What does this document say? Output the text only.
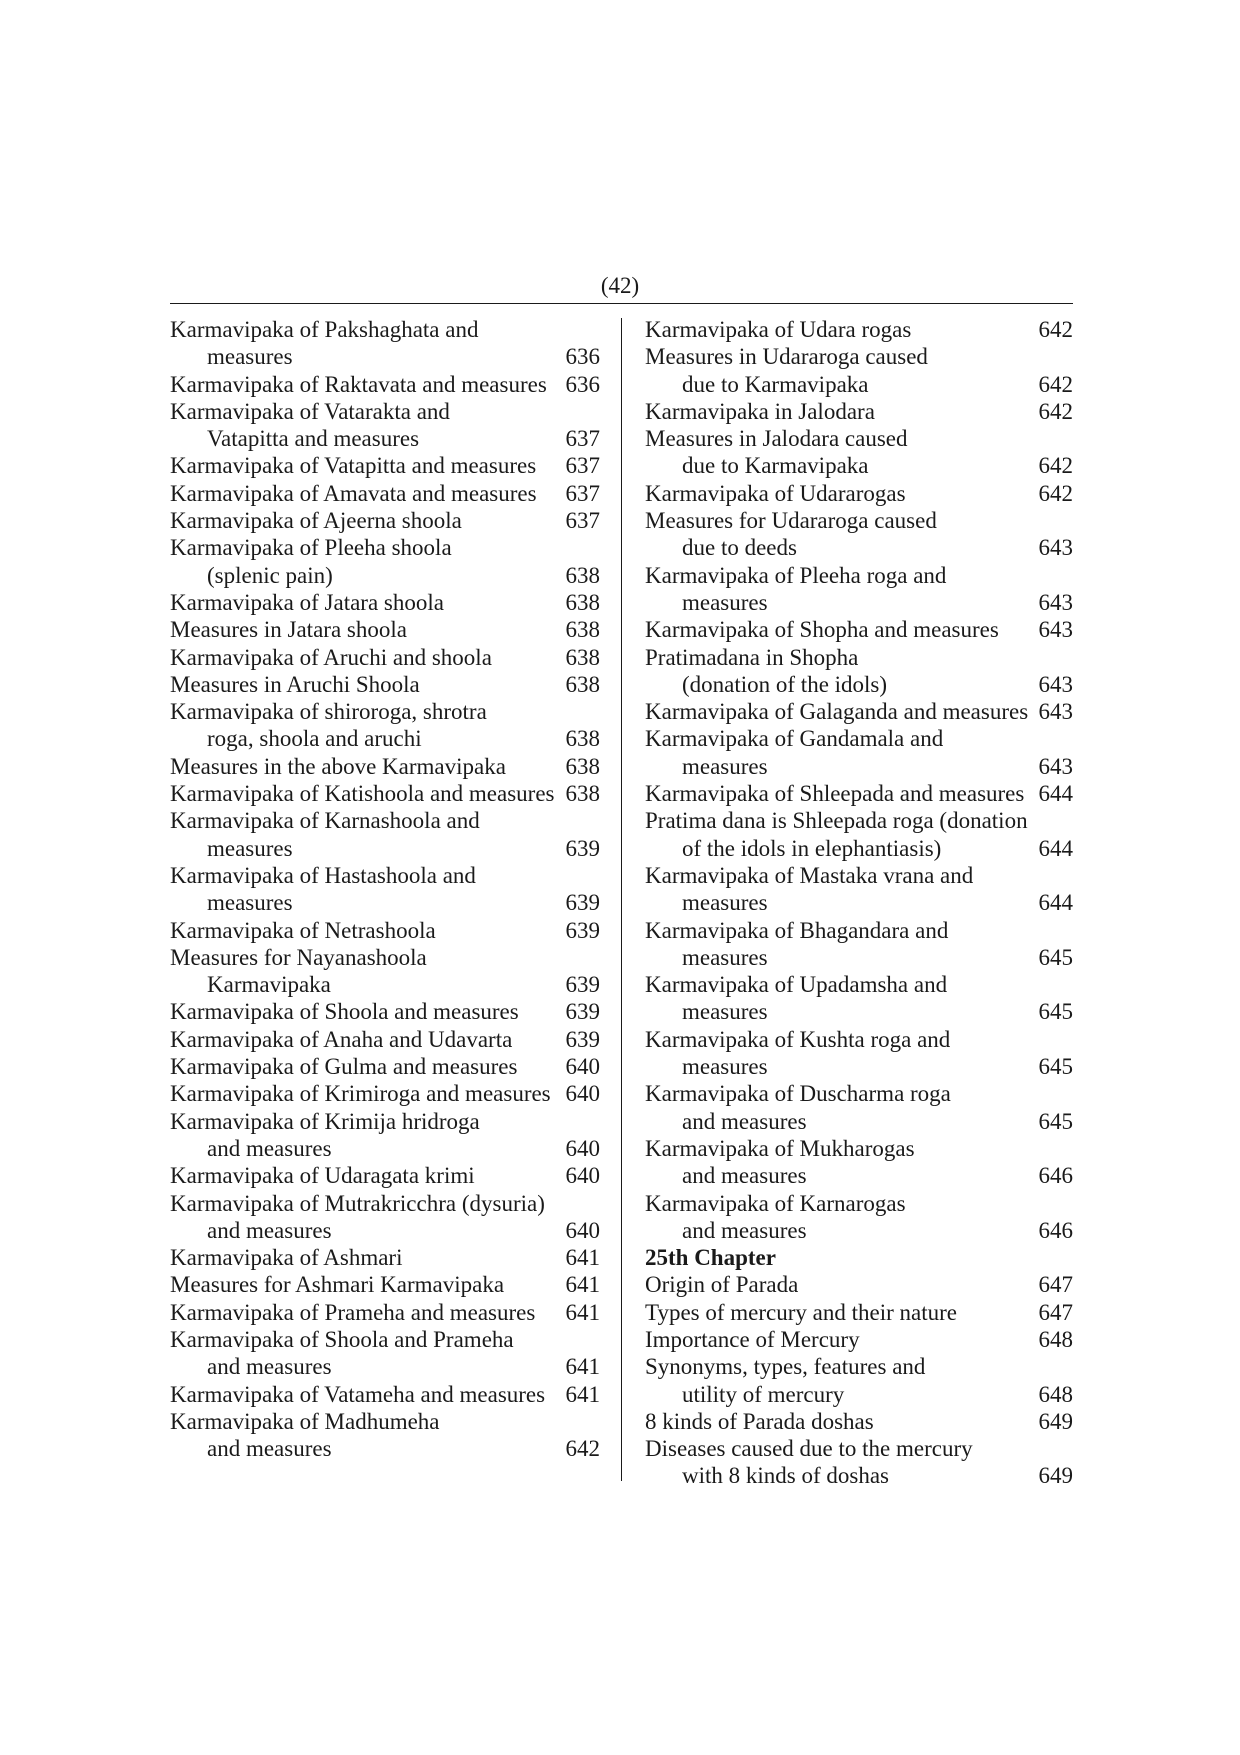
(42)
Karmavipaka of Pakshaghata and
measures	636
Karmavipaka of Raktavata and measures 636
Karmavipaka of Vatarakta and
Vatapitta and measures	637
Karmavipaka of Vatapitta and measures	637
Karmavipaka of Amavata and measures	637
Karmavipaka of Ajeerna shoola	637
Karmavipaka of Pleeha shoola
(splenic pain)	638
Karmavipaka of Jatara shoola	638
Measures in Jatara shoola	638
Karmavipaka of Aruchi and shoola	638
Measures in Aruchi Shoola	638
Karmavipaka of shiroroga, shrotra
roga, shoola and aruchi	638
Measures in the above Karmavipaka	638
Karmavipaka of Katishoola and measures 638
Karmavipaka of Karnashoola and
measures	639
Karmavipaka of Hastashoola and
measures	639
Karmavipaka of Netrashoola	639
Measures for Nayanashoola
Karmavipaka	639
Karmavipaka of Shoola and measures	639
Karmavipaka of Anaha and Udavarta	639
Karmavipaka of Gulma and measures	640
Karmavipaka of Krimiroga and measures 640
Karmavipaka of Krimija hridroga
and measures	640
Karmavipaka of Udaragata krimi	640
Karmavipaka of Mutrakricchra (dysuria)
and measures	640
Karmavipaka of Ashmari	641
Measures for Ashmari Karmavipaka	641
Karmavipaka of Prameha and measures	641
Karmavipaka of Shoola and Prameha
and measures	641
Karmavipaka of Vatameha and measures 641
Karmavipaka of Madhumeha
and measures	642
Karmavipaka of Udara rogas	642
Measures in Udararoga caused
due to Karmavipaka	642
Karmavipaka in Jalodara	642
Measures in Jalodara caused
due to Karmavipaka	642
Karmavipaka of Udararogas	642
Measures for Udararoga caused
due to deeds	643
Karmavipaka of Pleeha roga and
measures	643
Karmavipaka of Shopha and measures	643
Pratimadana in Shopha
(donation of the idols)	643
Karmavipaka of Galaganda and measures 643
Karmavipaka of Gandamala and
measures	643
Karmavipaka of Shleepada and measures 644
Pratima dana is Shleepada roga (donation
of the idols in elephantiasis)	644
Karmavipaka of Mastaka vrana and
measures	644
Karmavipaka of Bhagandara and
measures	645
Karmavipaka of Upadamsha and
measures	645
Karmavipaka of Kushta roga and
measures	645
Karmavipaka of Duscharma roga
and measures	645
Karmavipaka of Mukharogas
and measures	646
Karmavipaka of Karnarogas
and measures	646
25th Chapter
Origin of Parada	647
Types of mercury and their nature	647
Importance of Mercury	648
Synonyms, types, features and
utility of mercury	648
8 kinds of Parada doshas	649
Diseases caused due to the mercury
with 8 kinds of doshas	649
